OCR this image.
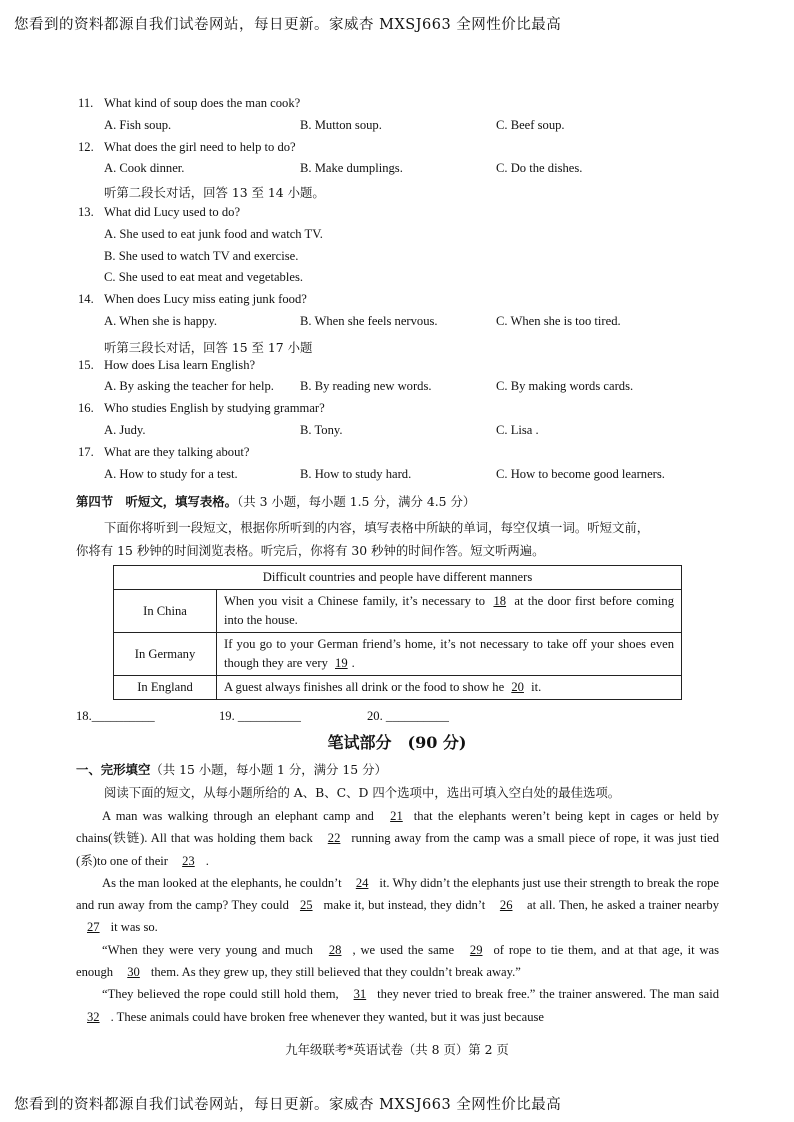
您看到的资料都源自我们试卷网站，每日更新。家威杏 MXSJ663 全网性价比最高
11. What kind of soup does the man cook?
A. Fish soup.	B. Mutton soup.	C. Beef soup.
12. What does the girl need to help to do?
A. Cook dinner.	B. Make dumplings.	C. Do the dishes.
13. What did Lucy used to do?
A. She used to eat junk food and watch TV.
B. She used to watch TV and exercise.
C. She used to eat meat and vegetables.
14. When does Lucy miss eating junk food?
A. When she is happy.	B. When she feels nervous.	C. When she is too tired.
15. How does Lisa learn English?
A. By asking the teacher for help. B. By reading new words.	C. By making words cards.
16. Who studies English by studying grammar?
A. Judy.	B. Tony.	C. Lisa .
17. What are they talking about?
A. How to study for a test.	B. How to study hard.	C. How to become good learners.
听第二段长对话，回答 13 至 14 小题。
听第三段长对话，回答 15 至 17 小题
第四节　听短文，填写表格。（共 3 小题，每小题 1.5 分，满分 4.5 分）
下面你将听到一段短文，根据你所听到的内容，填写表格中所缺的单词，每空仅填一词。听短文前，
你将有 15 秒钟的时间浏览表格。听完后，你将有 30 秒钟的时间作答。短文听两遍。
Difficult countries and people have different manners	
In China	When you visit a Chinese family, it’s necessary to 18 at the door first before coming into the house.
In Germany	If you go to your German friend’s home, it’s not necessary to take off your shoes even though they are very 19 .
In England	A guest always finishes all drink or the food to show he 20 it.
18.__________	19. __________	20. __________
笔试部分　(90 分)
一、完形填空（共 15 小题，每小题 1 分，满分 15 分）
阅读下面的短文，从每小题所给的 A、B、C、D 四个选项中，选出可填入空白处的最佳选项。
A man was walking through an elephant camp and 21 that the elephants weren’t being kept in cages or held by chains(铁链). All that was holding them back 22 running away from the camp was a small piece of rope, it was just tied (系)to one of their 23 .
As the man looked at the elephants, he couldn’t 24 it. Why didn’t the elephants just use their strength to break the rope and run away from the camp? They could 25 make it, but instead, they didn’t 26 at all. Then, he asked a trainer nearby 27 it was so.
“When they were very young and much 28 , we used the same 29 of rope to tie them, and at that age, it was enough 30 them. As they grew up, they still believed that they couldn’t break away.”
“They believed the rope could still hold them, 31 they never tried to break free.” the trainer answered. The man said 32 . These animals could have broken free whenever they wanted, but it was just because
九年级联考*英语试卷（共 8 页）第 2 页
您看到的资料都源自我们试卷网站，每日更新。家威杏 MXSJ663 全网性价比最高
